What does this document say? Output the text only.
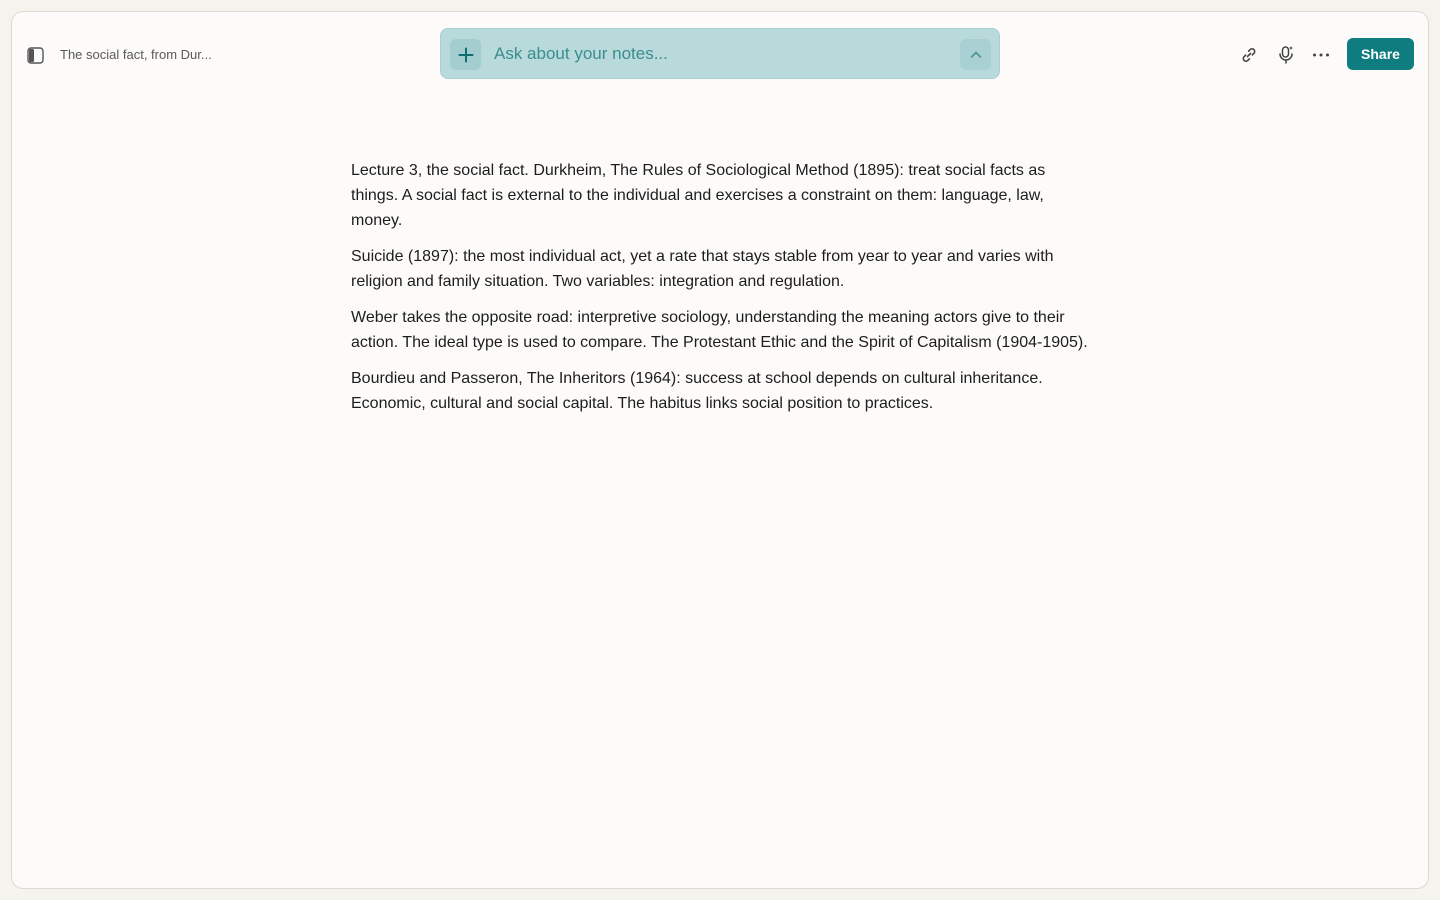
The social fact, from Dur...
Ask about your notes...	Share

Lecture 3, the social fact. Durkheim, The Rules of Sociological Method (1895): treat social facts as things. A social fact is external to the individual and exercises a constraint on them: language, law, money.

Suicide (1897): the most individual act, yet a rate that stays stable from year to year and varies with religion and family situation. Two variables: integration and regulation.

Weber takes the opposite road: interpretive sociology, understanding the meaning actors give to their action. The ideal type is used to compare. The Protestant Ethic and the Spirit of Capitalism (1904-1905).

Bourdieu and Passeron, The Inheritors (1964): success at school depends on cultural inheritance. Economic, cultural and social capital. The habitus links social position to practices.
